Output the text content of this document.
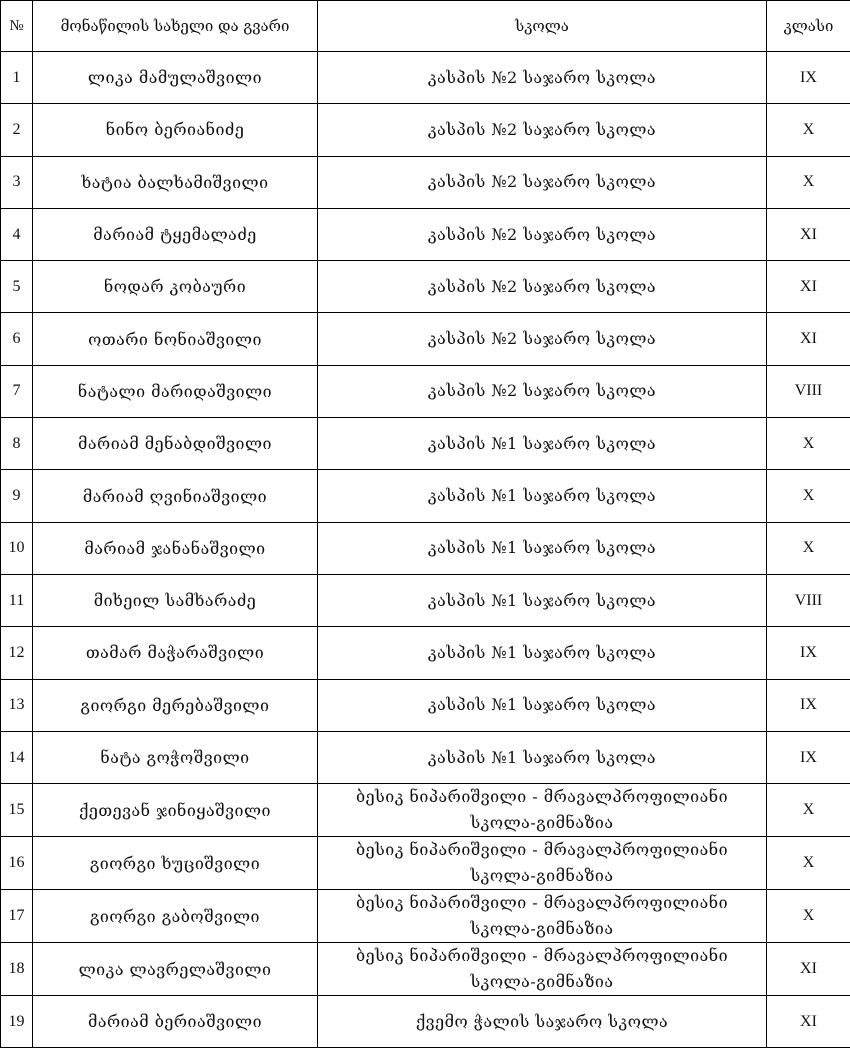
№	მონაწილის სახელი და გვარი	სკოლა	კლასი
1	ლიკა მამულაშვილი	კასპის №2 საჯარო სკოლა	IX
2	ნინო ბერიანიძე	კასპის №2 საჯარო სკოლა	X
3	ხატია ბალხამიშვილი	კასპის №2 საჯარო სკოლა	X
4	მარიამ ტყემალაძე	კასპის №2 საჯარო სკოლა	XI
5	ნოდარ კობაური	კასპის №2 საჯარო სკოლა	XI
6	ოთარი ნონიაშვილი	კასპის №2 საჯარო სკოლა	XI
7	ნატალი მარიდაშვილი	კასპის №2 საჯარო სკოლა	VIII
8	მარიამ მენაბდიშვილი	კასპის №1 საჯარო სკოლა	X
9	მარიამ ღვინიაშვილი	კასპის №1 საჯარო სკოლა	X
10	მარიამ ჯანანაშვილი	კასპის №1 საჯარო სკოლა	X
11	მიხეილ სამხარაძე	კასპის №1 საჯარო სკოლა	VIII
12	თამარ მაჭარაშვილი	კასპის №1 საჯარო სკოლა	IX
13	გიორგი მერებაშვილი	კასპის №1 საჯარო სკოლა	IX
14	ნატა გოჭოშვილი	კასპის №1 საჯარო სკოლა	IX
15	ქეთევან ჯინიყაშვილი	ბესიკ ნიპარიშვილი - მრავალპროფილიანი
სკოლა-გიმნაზია	X
16	გიორგი ხუციშვილი	ბესიკ ნიპარიშვილი - მრავალპროფილიანი
სკოლა-გიმნაზია	X
17	გიორგი გაბოშვილი	ბესიკ ნიპარიშვილი - მრავალპროფილიანი
სკოლა-გიმნაზია	X
18	ლიკა ლავრელაშვილი	ბესიკ ნიპარიშვილი - მრავალპროფილიანი
სკოლა-გიმნაზია	XI
19	მარიამ ბერიაშვილი	ქვემო ჭალის საჯარო სკოლა	XI
